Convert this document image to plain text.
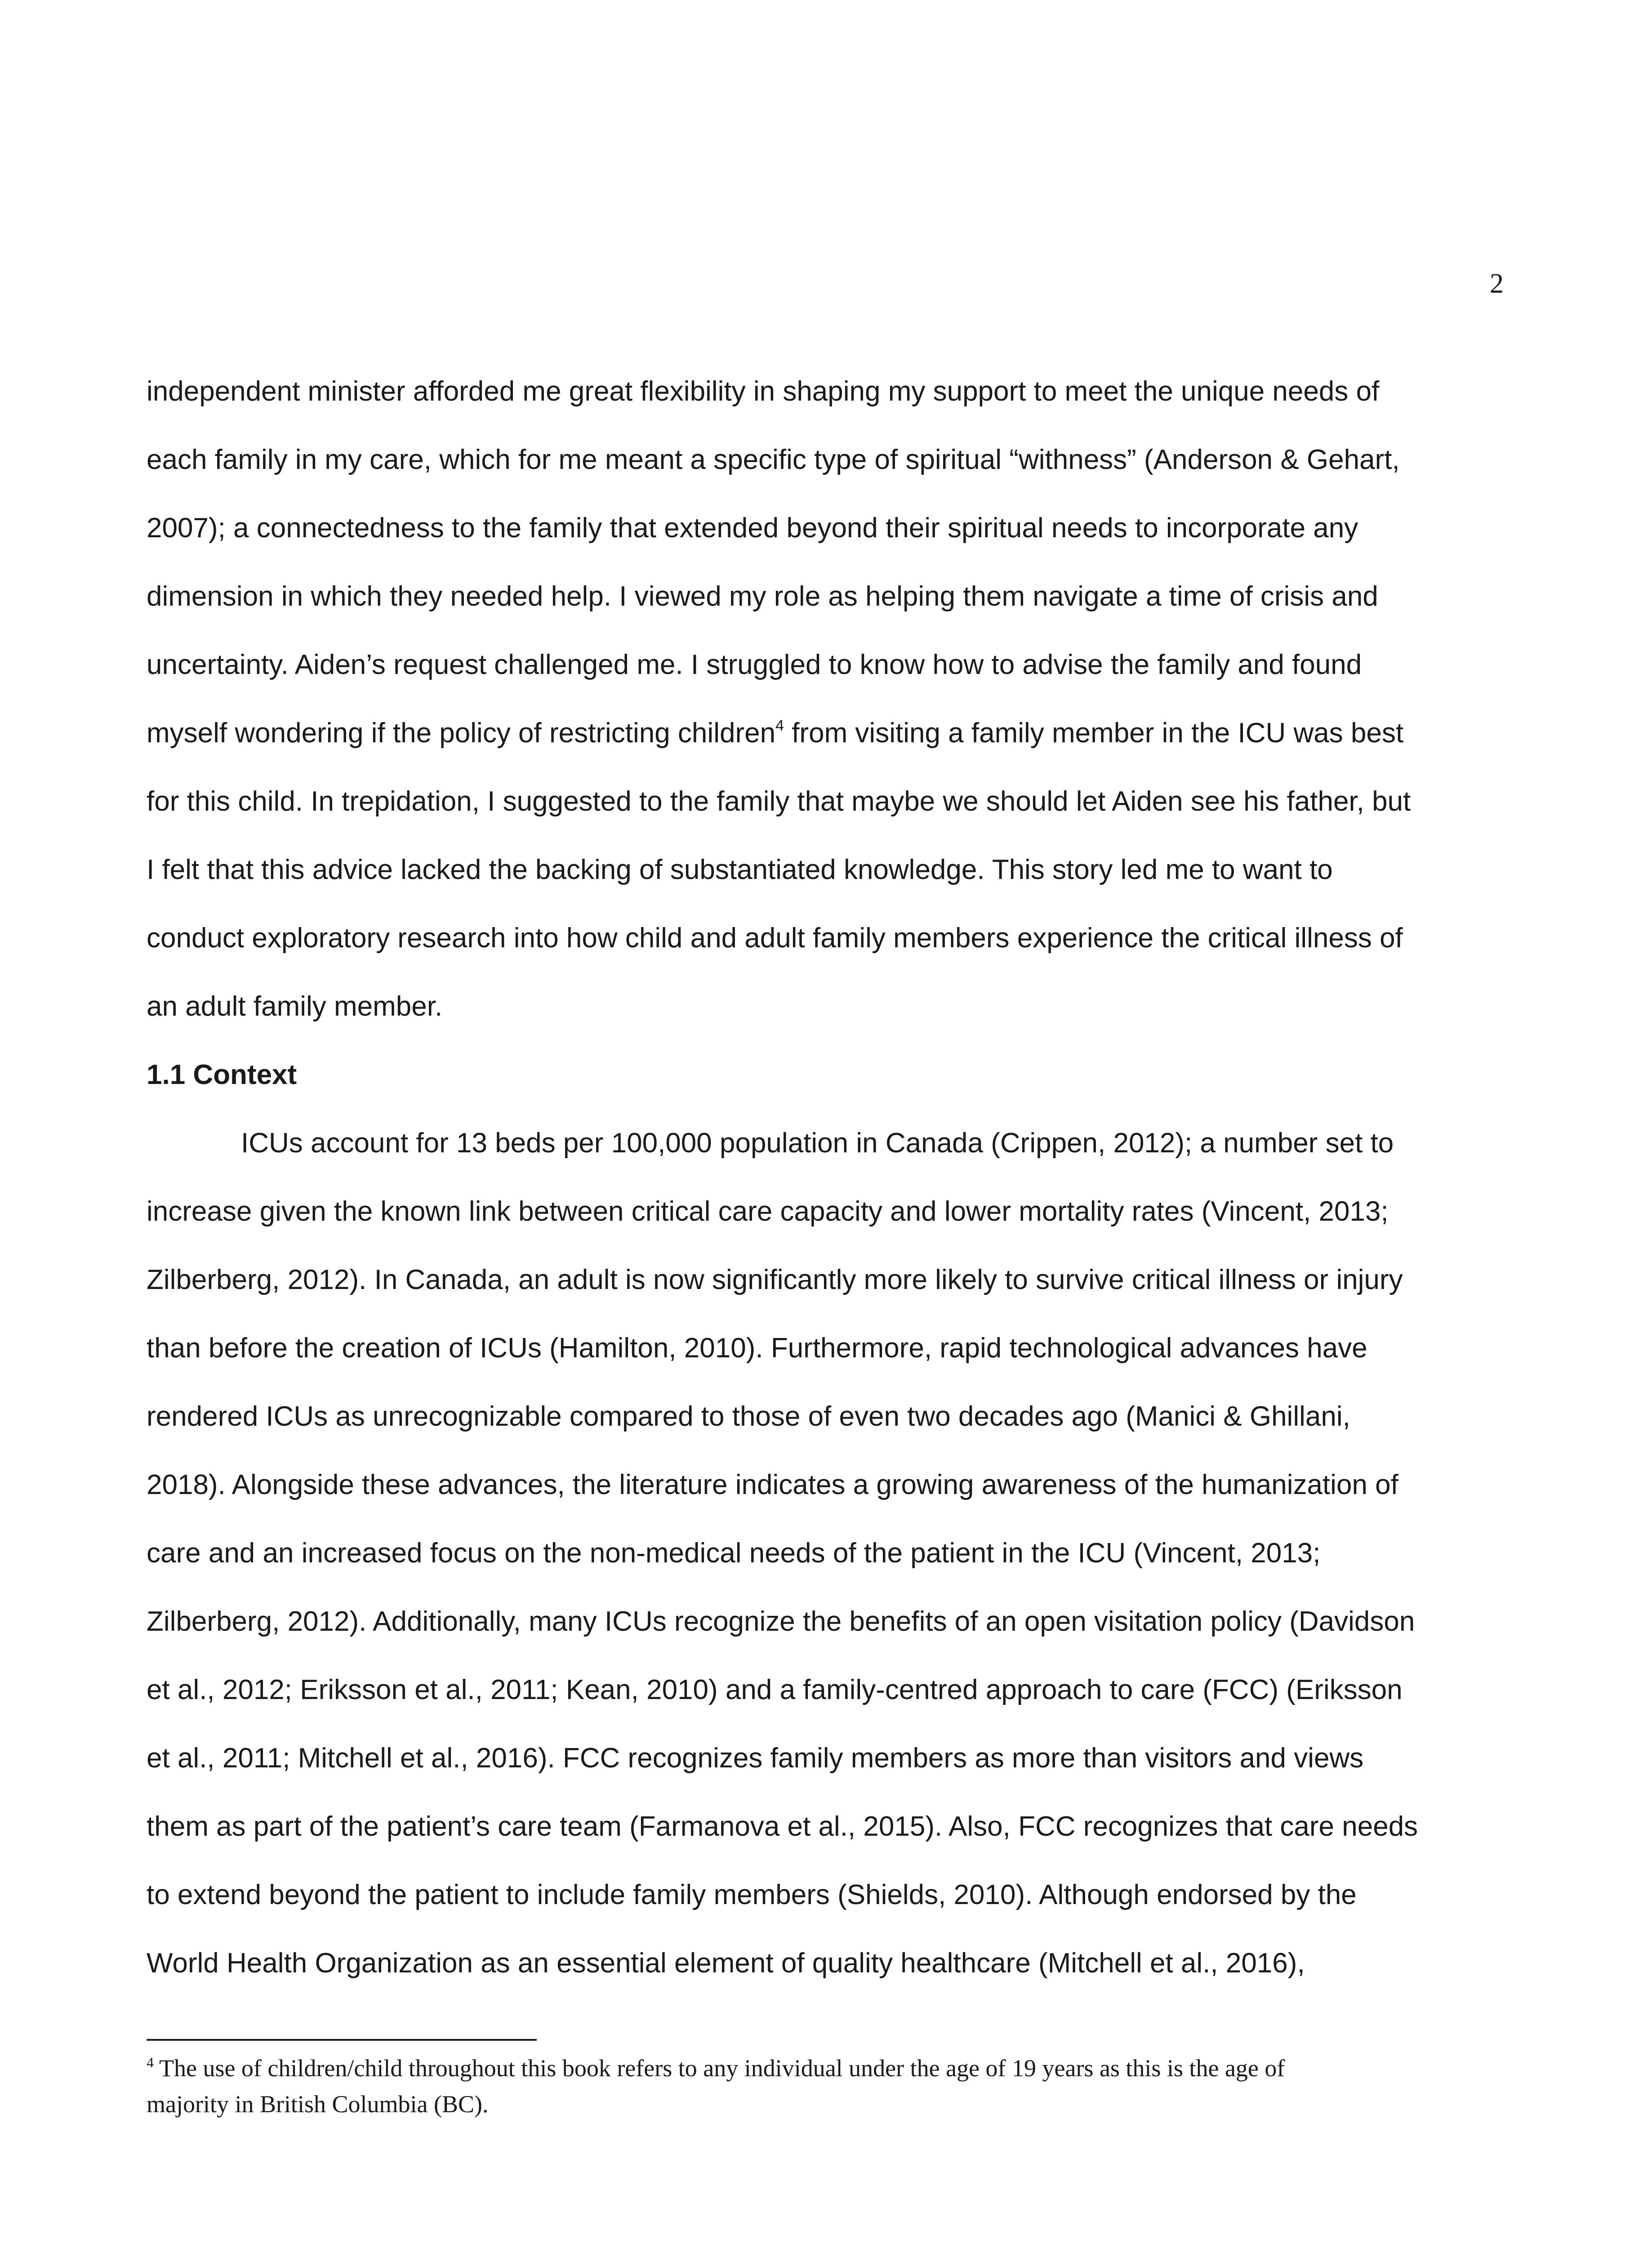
2
independent minister afforded me great flexibility in shaping my support to meet the unique needs of
each family in my care, which for me meant a specific type of spiritual “withness” (Anderson & Gehart,
2007); a connectedness to the family that extended beyond their spiritual needs to incorporate any
dimension in which they needed help. I viewed my role as helping them navigate a time of crisis and
uncertainty. Aiden’s request challenged me. I struggled to know how to advise the family and found
myself wondering if the policy of restricting children$^4$ from visiting a family member in the ICU was best
for this child. In trepidation, I suggested to the family that maybe we should let Aiden see his father, but
I felt that this advice lacked the backing of substantiated knowledge. This story led me to want to
conduct exploratory research into how child and adult family members experience the critical illness of
an adult family member.
1.1 Context
ICUs account for 13 beds per 100,000 population in Canada (Crippen, 2012); a number set to
increase given the known link between critical care capacity and lower mortality rates (Vincent, 2013;
Zilberberg, 2012). In Canada, an adult is now significantly more likely to survive critical illness or injury
than before the creation of ICUs (Hamilton, 2010). Furthermore, rapid technological advances have
rendered ICUs as unrecognizable compared to those of even two decades ago (Manici & Ghillani,
2018). Alongside these advances, the literature indicates a growing awareness of the humanization of
care and an increased focus on the non-medical needs of the patient in the ICU (Vincent, 2013;
Zilberberg, 2012). Additionally, many ICUs recognize the benefits of an open visitation policy (Davidson
et al., 2012; Eriksson et al., 2011; Kean, 2010) and a family-centred approach to care (FCC) (Eriksson
et al., 2011; Mitchell et al., 2016). FCC recognizes family members as more than visitors and views
them as part of the patient’s care team (Farmanova et al., 2015). Also, FCC recognizes that care needs
to extend beyond the patient to include family members (Shields, 2010). Although endorsed by the
World Health Organization as an essential element of quality healthcare (Mitchell et al., 2016),
$^4$ The use of children/child throughout this book refers to any individual under the age of 19 years as this is the age of
majority in British Columbia (BC).
